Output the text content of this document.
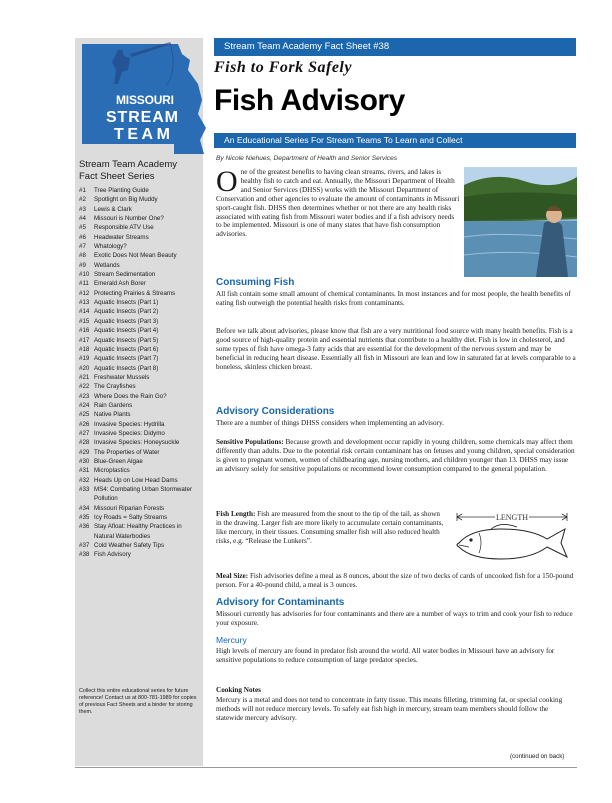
MISSOURI
STREAM
TEAM
Stream Team Academy
Fact Sheet Series
#1	Tree Planting Guide
#2	Spotlight on Big Muddy
#3	Lewis & Clark
#4	Missouri is Number One?
#5	Responsible ATV Use
#6	Headwater Streams
#7	Whatology?
#8	Exotic Does Not Mean Beauty
#9	Wetlands
#10 Stream Sedimentation
#11 Emerald Ash Borer
#12 Protecting Prairies & Streams
#13 Aquatic Insects (Part 1)
#14 Aquatic Insects (Part 2)
#15 Aquatic Insects (Part 3)
#16 Aquatic Insects (Part 4)
#17 Aquatic Insects (Part 5)
#18 Aquatic Insects (Part 6)
#19 Aquatic Insects (Part 7)
#20 Aquatic Insects (Part 8)
#21 Freshwater Mussels
#22 The Crayfishes
#23 Where Does the Rain Go?
#24 Rain Gardens
#25 Native Plants
#26 Invasive Species: Hydrilla
#27 Invasive Species: Didymo
#28 Invasive Species: Honeysuckle
#29 The Properties of Water
#30 Blue-Green Algae
#31 Microplastics
#32 Heads Up on Low Head Dams
#33 MS4: Combating Urban Stormwater Pollution
#34 Missouri Riparian Forests
#35 Icy Roads = Salty Streams
#36 Stay Afloat: Healthy Practices in Natural Waterbodies
#37 Cold Weather Safety Tips
#38 Fish Advisory
Collect this entire educational series for future reference! Contact us at 800-781-1989 for copies of previous Fact Sheets and a binder for storing them.
Stream Team Academy Fact Sheet #38
Fish to Fork Safely
Fish Advisory
An Educational Series For Stream Teams To Learn and Collect
By Nicole Niehues, Department of Health and Senior Services
One of the greatest benefits to having clean streams, rivers, and lakes is healthy fish to catch and eat. Annually, the Missouri Department of Health and Senior Services (DHSS) works with the Missouri Department of Conservation and other agencies to evaluate the amount of contaminants in Missouri sport-caught fish. DHSS then determines whether or not there are any health risks associated with eating fish from Missouri water bodies and if a fish advisory needs to be implemented. Missouri is one of many states that have fish consumption advisories.
Consuming Fish
All fish contain some small amount of chemical contaminants. In most instances and for most people, the health benefits of eating fish outweigh the potential health risks from contaminants.
Before we talk about advisories, please know that fish are a very nutritional food source with many health benefits. Fish is a good source of high-quality protein and essential nutrients that contribute to a healthy diet. Fish is low in cholesterol, and some types of fish have omega-3 fatty acids that are essential for the development of the nervous system and may be beneficial in reducing heart disease. Essentially all fish in Missouri are lean and low in saturated fat at levels comparable to a boneless, skinless chicken breast.
Advisory Considerations
There are a number of things DHSS considers when implementing an advisory.
Sensitive Populations: Because growth and development occur rapidly in young children, some chemicals may affect them differently than adults. Due to the potential risk certain contaminant has on fetuses and young children, special consideration is given to pregnant women, women of childbearing age, nursing mothers, and children younger than 13. DHSS may issue an advisory solely for sensitive populations or recommend lower consumption compared to the general population.
Fish Length: Fish are measured from the snout to the tip of the tail, as shown in the drawing. Larger fish are more likely to accumulate certain contaminants, like mercury, in their tissues. Consuming smaller fish will also reduced health risks, e.g. “Release the Lunkers”.
LENGTH
Meal Size: Fish advisories define a meal as 8 ounces, about the size of two decks of cards of uncooked fish for a 150-pound person. For a 40-pound child, a meal is 3 ounces.
Advisory for Contaminants
Missouri currently has advisories for four contaminants and there are a number of ways to trim and cook your fish to reduce your exposure.
Mercury
High levels of mercury are found in predator fish around the world. All water bodies in Missouri have an advisory for sensitive populations to reduce consumption of large predator species.
Cooking Notes
Mercury is a metal and does not tend to concentrate in fatty tissue. This means filleting, trimming fat, or special cooking methods will not reduce mercury levels. To safely eat fish high in mercury, stream team members should follow the statewide mercury advisory.
(continued on back)
